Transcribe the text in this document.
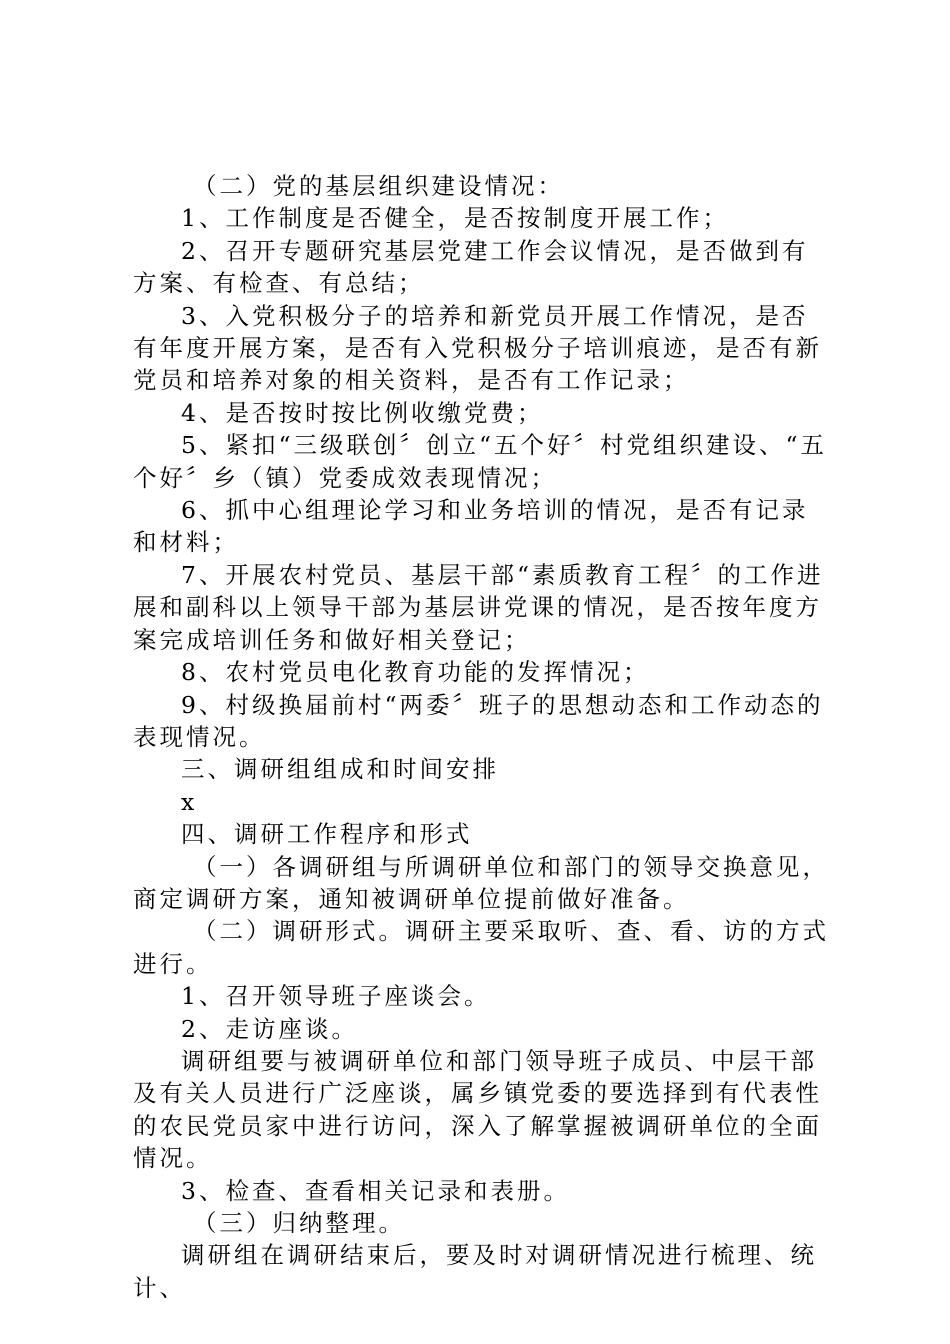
（二）党的基层组织建设情况：

1、工作制度是否健全，是否按制度开展工作；

2、召开专题研究基层党建工作会议情况，是否做到有方案、有检查、有总结；

3、入党积极分子的培养和新党员开展工作情况，是否有年度开展方案，是否有入党积极分子培训痕迹，是否有新党员和培养对象的相关资料，是否有工作记录；

4、是否按时按比例收缴党费；

5、紧扣“三级联创〞创立“五个好〞村党组织建设、“五个好〞乡（镇）党委成效表现情况；

6、抓中心组理论学习和业务培训的情况，是否有记录和材料；

7、开展农村党员、基层干部“素质教育工程〞的工作进展和副科以上领导干部为基层讲党课的情况，是否按年度方案完成培训任务和做好相关登记；

8、农村党员电化教育功能的发挥情况；

9、村级换届前村“两委〞班子的思想动态和工作动态的表现情况。

三、调研组组成和时间安排

x

四、调研工作程序和形式

（一）各调研组与所调研单位和部门的领导交换意见，商定调研方案，通知被调研单位提前做好准备。

（二）调研形式。调研主要采取听、查、看、访的方式进行。

1、召开领导班子座谈会。

2、走访座谈。

调研组要与被调研单位和部门领导班子成员、中层干部及有关人员进行广泛座谈，属乡镇党委的要选择到有代表性的农民党员家中进行访问，深入了解掌握被调研单位的全面情况。

3、检查、查看相关记录和表册。

（三）归纳整理。

调研组在调研结束后，要及时对调研情况进行梳理、统计、
